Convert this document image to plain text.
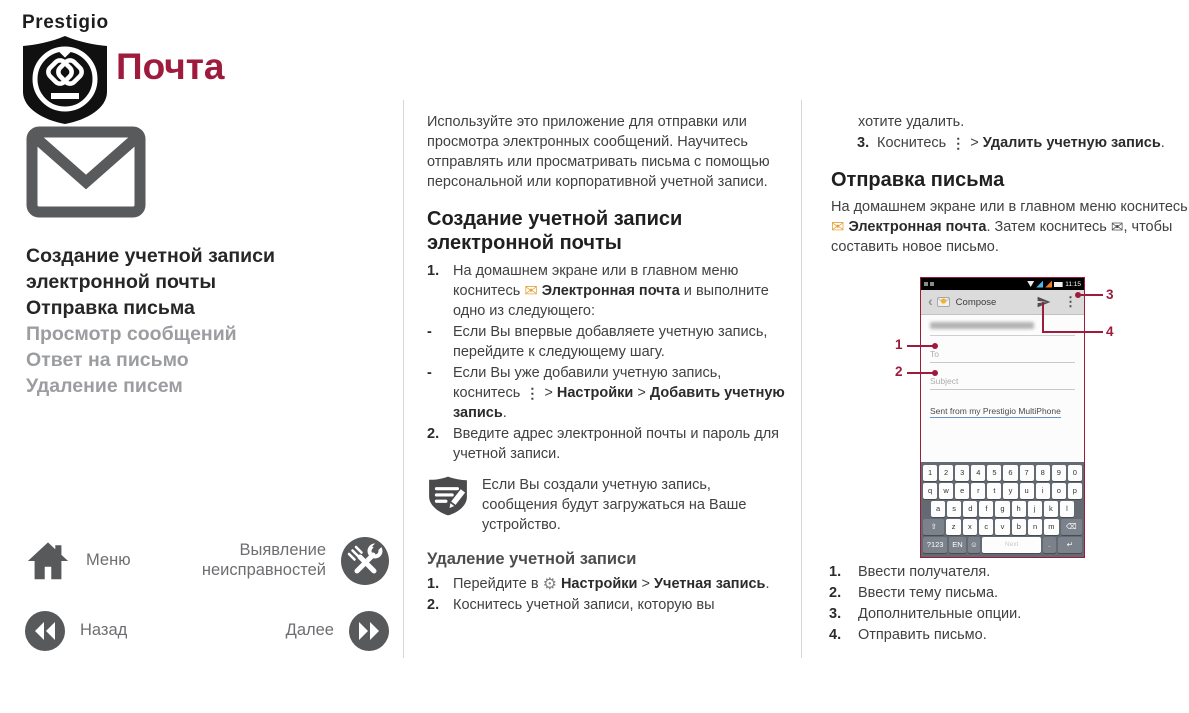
Prestigio
Почта
Создание учетной записи электронной почты
Отправка письма
Просмотр сообщений
Ответ на письмо
Удаление писем
Меню
Выявление неисправностей
Назад	Далее

Используйте это приложение для отправки или просмотра электронных сообщений. Научитесь отправлять или просматривать письма с помощью персональной или корпоративной учетной записи.

Создание учетной записи электронной почты
1. На домашнем экране или в главном меню коснитесь ✉ Электронная почта и выполните одно из следующего:
-	Если Вы впервые добавляете учетную запись, перейдите к следующему шагу.
-	Если Вы уже добавили учетную запись, коснитесь ⋮ > Настройки > Добавить учетную запись.
2. Введите адрес электронной почты и пароль для учетной записи.
Если Вы создали учетную запись, сообщения будут загружаться на Ваше устройство.
Удаление учетной записи
1. Перейдите в ⚙ Настройки > Учетная запись.
2. Коснитесь учетной записи, которую вы
хотите удалить.
3. Коснитесь ⋮ > Удалить учетную запись.
Отправка письма

На домашнем экране или в главном меню коснитесь ✉ Электронная почта. Затем коснитесь ✉, чтобы составить новое письмо.

11:15
‹
Compose
⋮
To
Subject
Sent from my Prestigio MultiPhone
1	2	3	4	5	6	7	8	9	0
q	w	e	r	t	y	u	i	o	p
a	s	d	f	g	h	j	k	l
⇧	z	x	c	v	b	n	m	⌫
?123	EN	☺	Next	.	↵
1
2
3
4
1.	Ввести получателя.
2.	Ввести тему письма.
3.	Дополнительные опции.
4.	Отправить письмо.
